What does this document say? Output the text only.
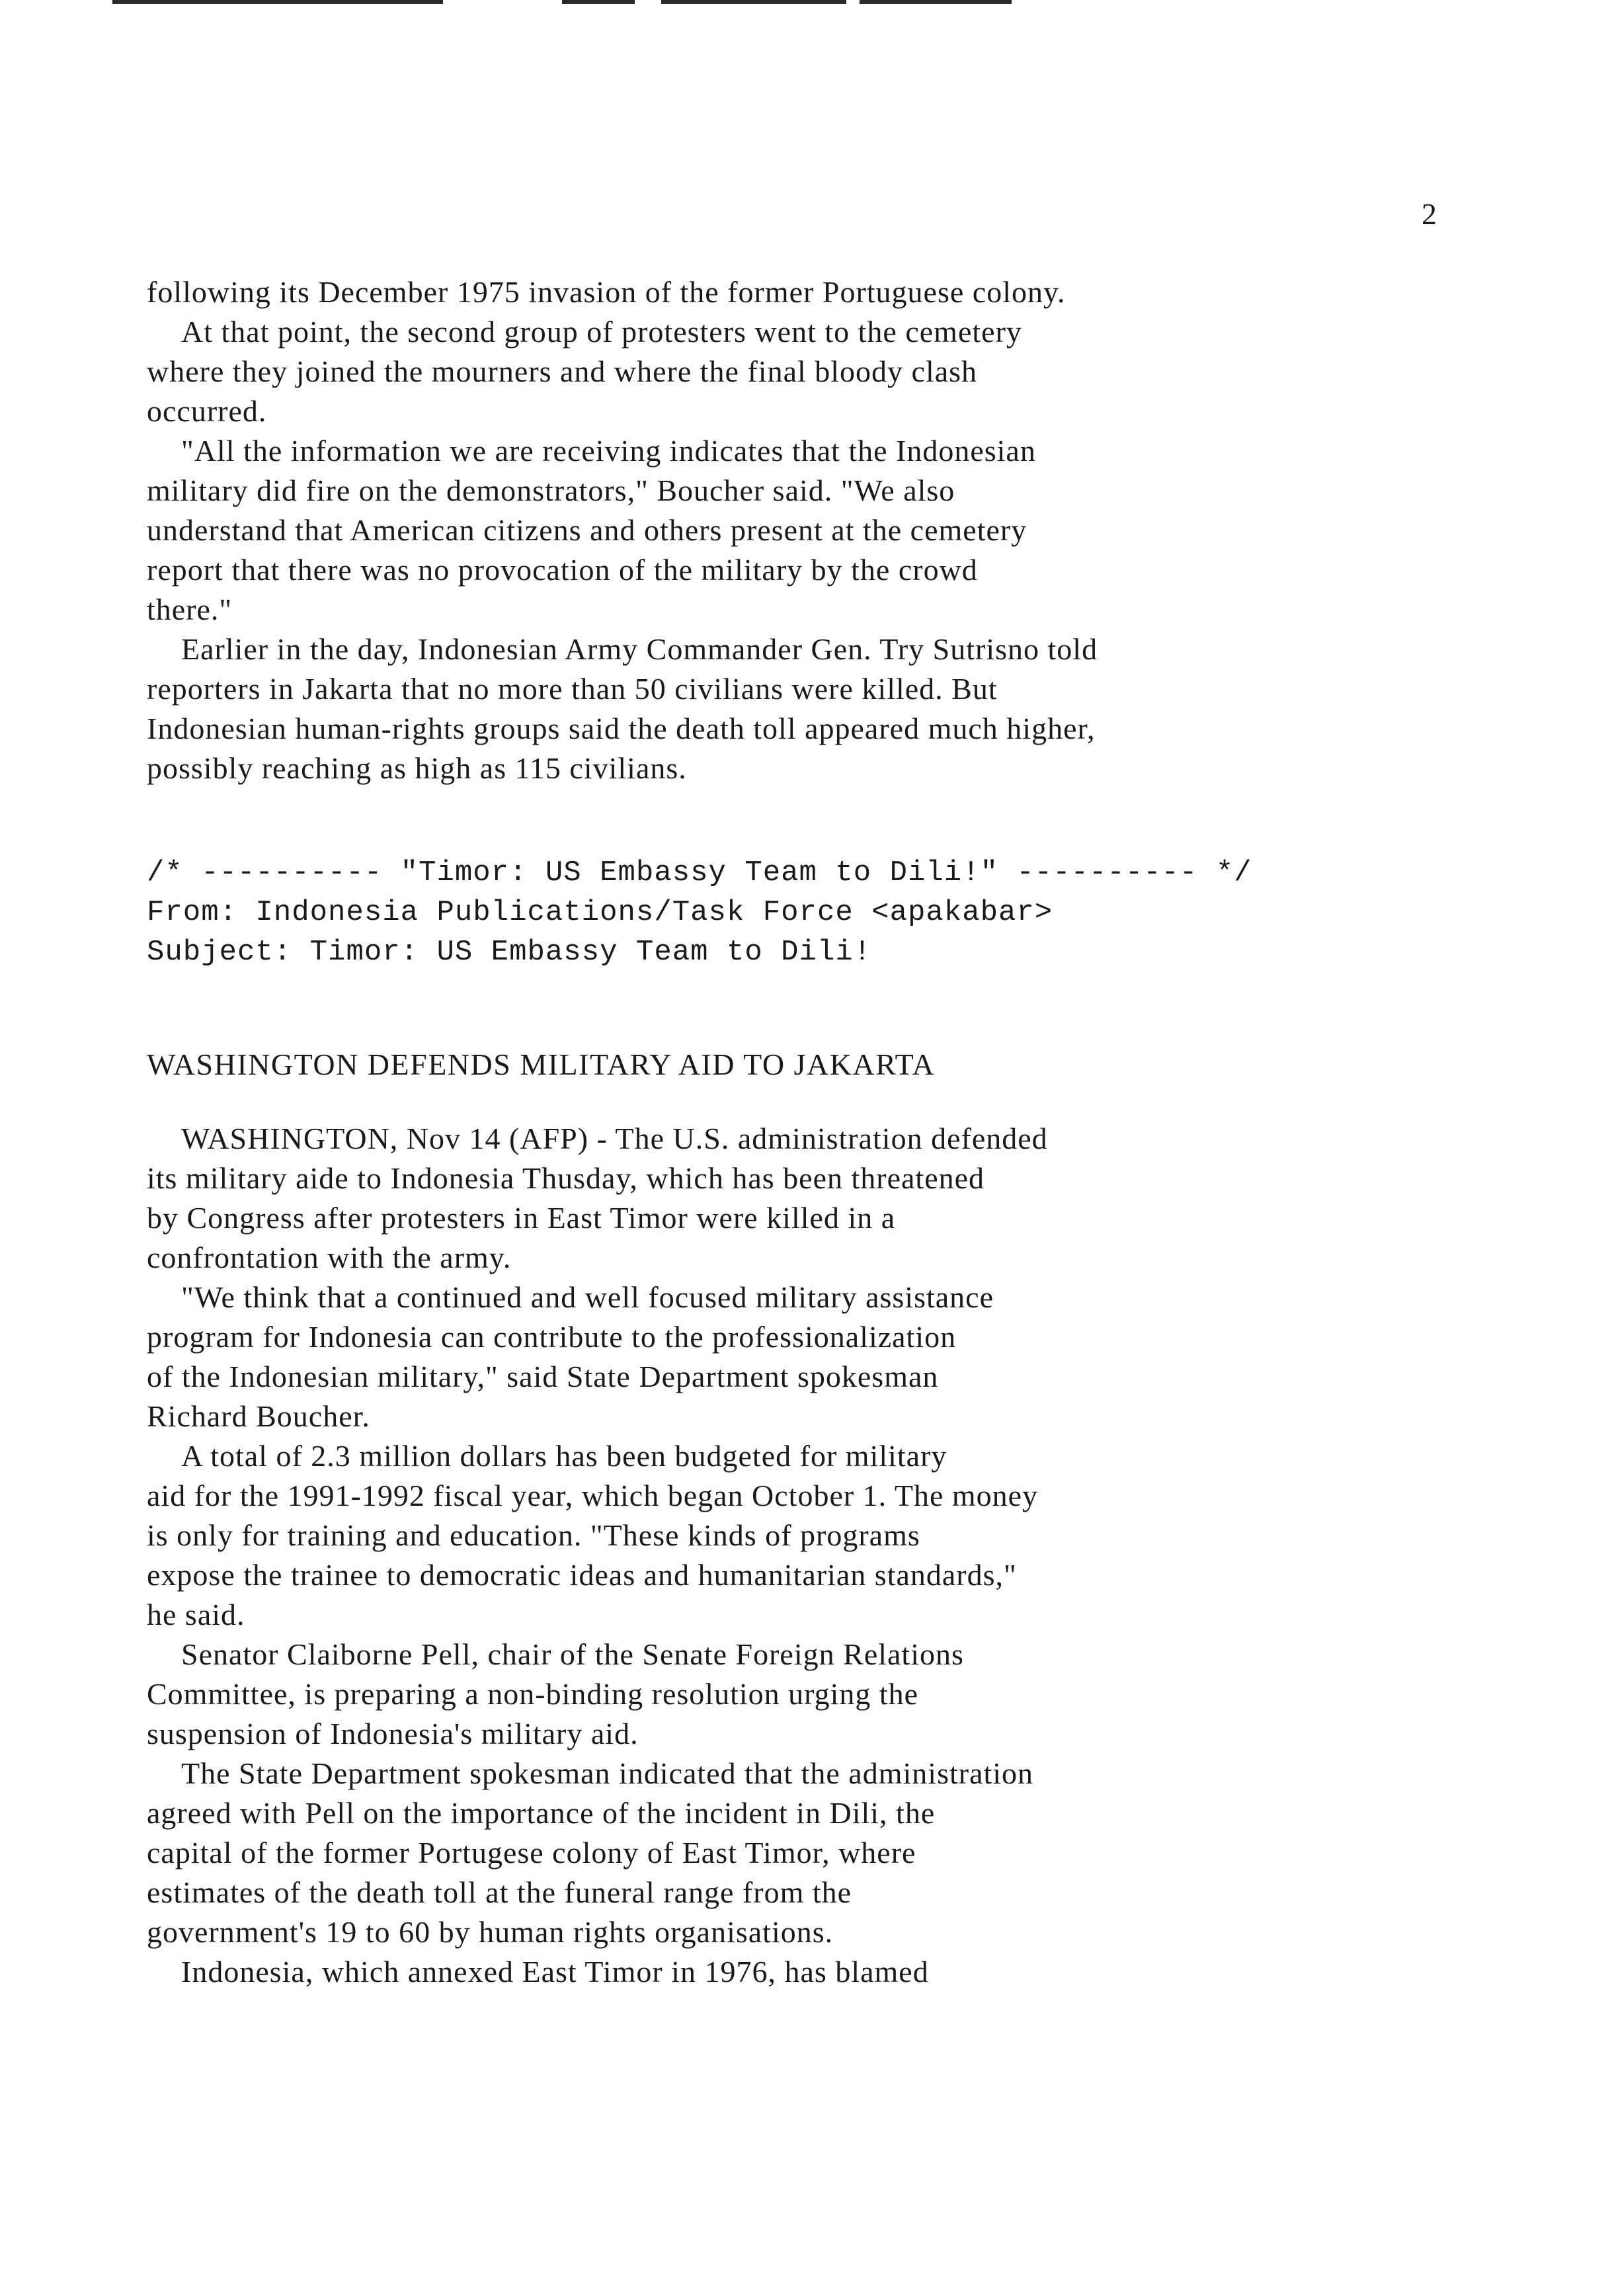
2
following its December 1975 invasion of the former Portuguese colony.
At that point, the second group of protesters went to the cemetery
where they joined the mourners and where the final bloody clash
occurred.
"All the information we are receiving indicates that the Indonesian
military did fire on the demonstrators," Boucher said. "We also
understand that American citizens and others present at the cemetery
report that there was no provocation of the military by the crowd
there."
Earlier in the day, Indonesian Army Commander Gen. Try Sutrisno told
reporters in Jakarta that no more than 50 civilians were killed. But
Indonesian human-rights groups said the death toll appeared much higher,
possibly reaching as high as 115 civilians.
/* ---------- "Timor: US Embassy Team to Dili!" ---------- */
From: Indonesia Publications/Task Force <apakabar>
Subject: Timor: US Embassy Team to Dili!
WASHINGTON DEFENDS MILITARY AID TO JAKARTA
WASHINGTON, Nov 14 (AFP) - The U.S. administration defended
its military aide to Indonesia Thusday, which has been threatened
by Congress after protesters in East Timor were killed in a
confrontation with the army.
"We think that a continued and well focused military assistance
program for Indonesia can contribute to the professionalization
of the Indonesian military," said State Department spokesman
Richard Boucher.
A total of 2.3 million dollars has been budgeted for military
aid for the 1991-1992 fiscal year, which began October 1. The money
is only for training and education. "These kinds of programs
expose the trainee to democratic ideas and humanitarian standards,"
he said.
Senator Claiborne Pell, chair of the Senate Foreign Relations
Committee, is preparing a non-binding resolution urging the
suspension of Indonesia's military aid.
The State Department spokesman indicated that the administration
agreed with Pell on the importance of the incident in Dili, the
capital of the former Portugese colony of East Timor, where
estimates of the death toll at the funeral range from the
government's 19 to 60 by human rights organisations.
Indonesia, which annexed East Timor in 1976, has blamed
